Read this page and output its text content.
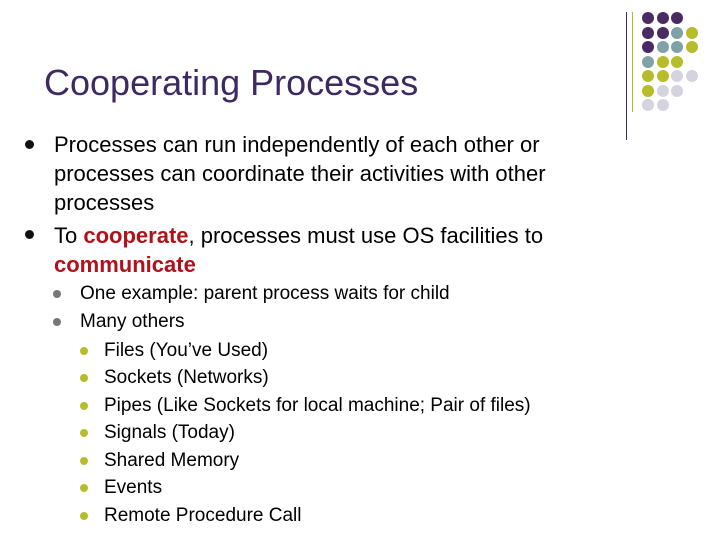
Cooperating Processes
Processes can run independently of each other or
processes can coordinate their activities with other
processes
To cooperate, processes must use OS facilities to
communicate
One example: parent process waits for child
Many others
Files (You’ve Used)
Sockets (Networks)
Pipes (Like Sockets for local machine; Pair of files)
Signals (Today)
Shared Memory
Events
Remote Procedure Call
